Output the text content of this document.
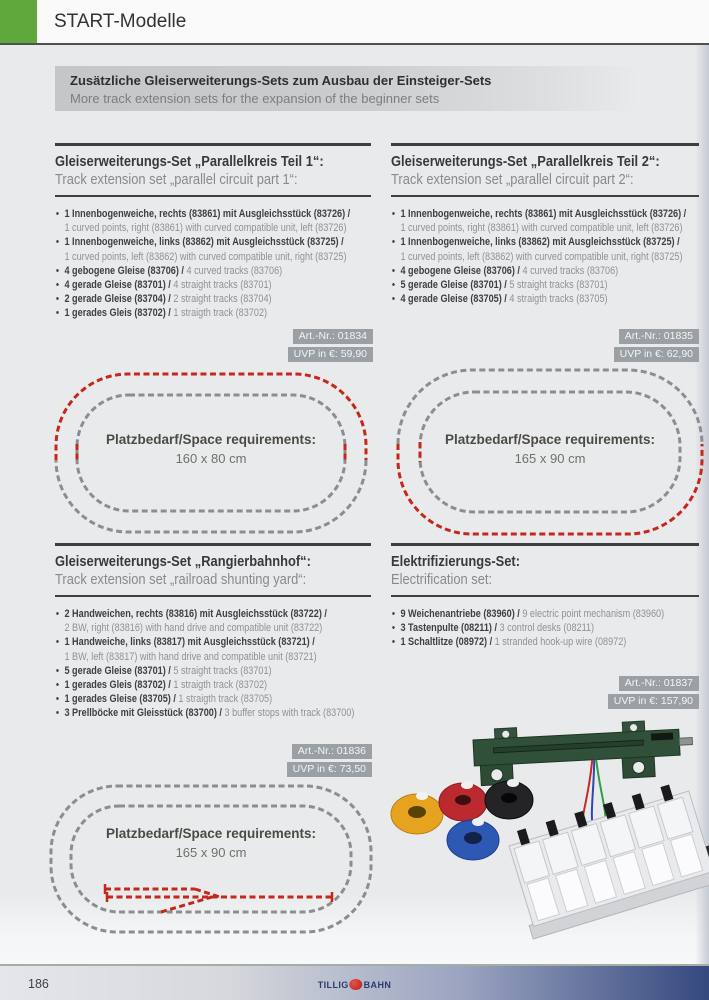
START-Modelle
Zusätzliche Gleiserweiterungs-Sets zum Ausbau der Einsteiger-Sets
More track extension sets for the expansion of the beginner sets
Gleiserweiterungs-Set „Parallelkreis Teil 1“:
Track extension set „parallel circuit part 1“:
• 1 Innenbogenweiche, rechts (83861) mit Ausgleichsstück (83726) /
1 curved points, right (83861) with curved compatible unit, left (83726)
• 1 Innenbogenweiche, links (83862) mit Ausgleichsstück (83725) /
1 curved points, left (83862) with curved compatible unit, right (83725)
• 4 gebogene Gleise (83706) / 4 curved tracks (83706)
• 4 gerade Gleise (83701) / 4 straight tracks (83701)
• 2 gerade Gleise (83704) / 2 straight tracks (83704)
• 1 gerades Gleis (83702) / 1 straigth track (83702)
Gleiserweiterungs-Set „Parallelkreis Teil 2“:
Track extension set „parallel circuit part 2“:
• 1 Innenbogenweiche, rechts (83861) mit Ausgleichsstück (83726) /
1 curved points, right (83861) with curved compatible unit, left (83726)
• 1 Innenbogenweiche, links (83862) mit Ausgleichsstück (83725) /
1 curved points, left (83862) with curved compatible unit, right (83725)
• 4 gebogene Gleise (83706) / 4 curved tracks (83706)
• 5 gerade Gleise (83701) / 5 straight tracks (83701)
• 4 gerade Gleise (83705) / 4 straigth tracks (83705)
Art.-Nr.: 01834
UVP in €: 59,90
Art.-Nr.: 01835
UVP in €: 62,90
Platzbedarf/Space requirements:
160 x 80 cm
Platzbedarf/Space requirements:
165 x 90 cm
Gleiserweiterungs-Set „Rangierbahnhof“:
Track extension set „railroad shunting yard“:
• 2 Handweichen, rechts (83816) mit Ausgleichsstück (83722) /
2 BW, right (83816) with hand drive and compatible unit (83722)
• 1 Handweiche, links (83817) mit Ausgleichsstück (83721) /
1 BW, left (83817) with hand drive and compatible unit (83721)
• 5 gerade Gleise (83701) / 5 straight tracks (83701)
• 1 gerades Gleis (83702) / 1 straigth track (83702)
• 1 gerades Gleise (83705) / 1 straigth track (83705)
• 3 Prellböcke mit Gleisstück (83700) / 3 buffer stops with track (83700)
Elektrifizierungs-Set:
Electrification set:
• 9 Weichenantriebe (83960) / 9 electric point mechanism (83960)
• 3 Tastenpulte (08211) / 3 control desks (08211)
• 1 Schaltlitze (08972) / 1 stranded hook-up wire (08972)
Art.-Nr.: 01836
UVP in €: 73,50
Art.-Nr.: 01837
UVP in €: 157,90
Platzbedarf/Space requirements:
165 x 90 cm
186	TILLIG BAHN
